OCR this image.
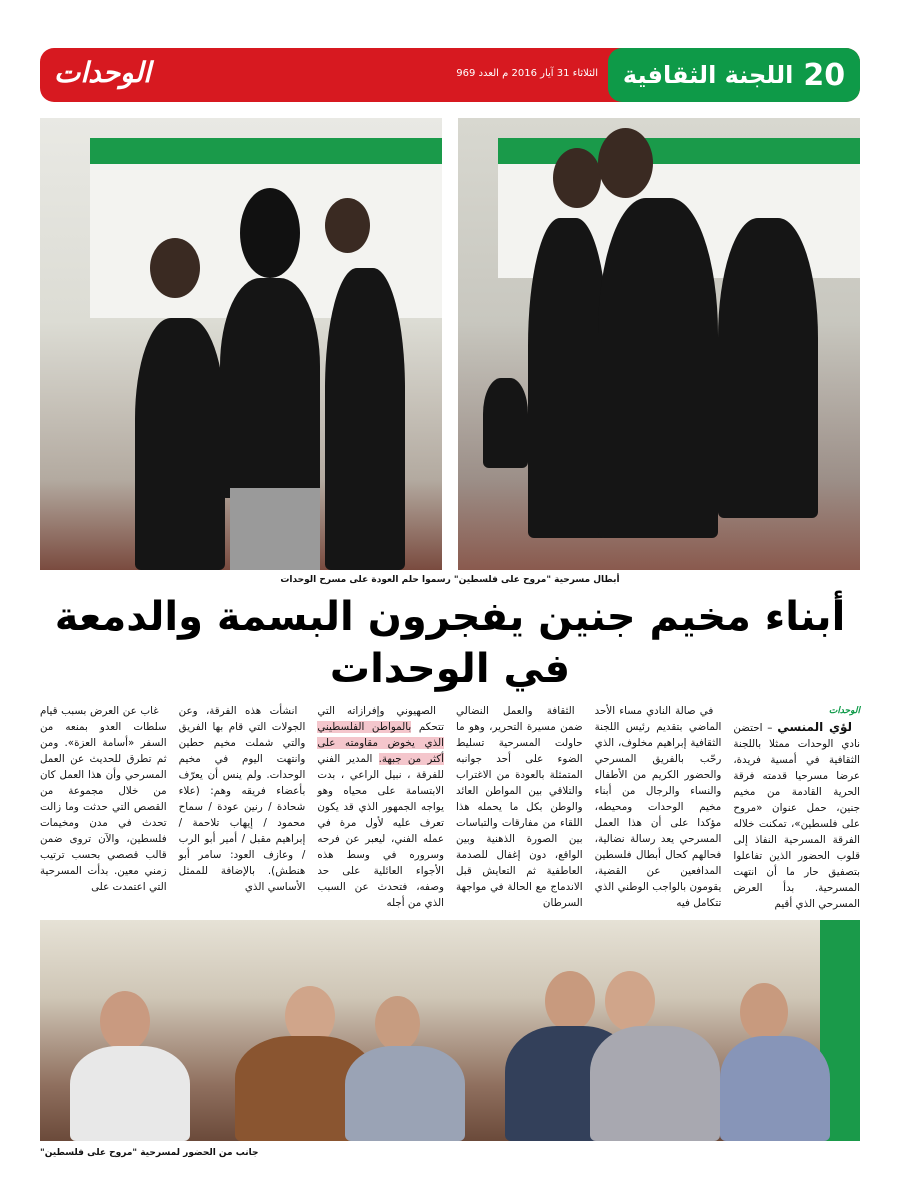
الوحدات	الثلاثاء 31 آيار 2016 م العدد 969	20
اللجنة الثقافية
أبطال مسرحية "مروح على فلسطين" رسموا حلم العودة على مسرح الوحدات
أبناء مخيم جنين يفجرون البسمة والدمعة في الوحدات
الوحدات

لؤي المنسي – احتضن نادي الوحدات ممثلا باللجنة الثقافية في أمسية فريدة، عرضا مسرحيا قدمته فرقة الحرية القادمة من مخيم جنين، حمل عنوان «مروح على فلسطين»، تمكنت خلاله الفرقة المسرحية النفاذ إلى قلوب الحضور الذين تفاعلوا بتصفيق حار ما أن انتهت المسرحية. بدأ العرض المسرحي الذي أقيم

في صالة النادي مساء الأحد الماضي بتقديم رئيس اللجنة الثقافية إبراهيم مخلوف، الذي رحّب بالفريق المسرحي والحضور الكريم من الأطفال والنساء والرجال من أبناء مخيم الوحدات ومحيطه، مؤكدا على أن هذا العمل المسرحي يعد رسالة نضالية، فحالهم كحال أبطال فلسطين المدافعين عن القضية، يقومون بالواجب الوطني الذي تتكامل فيه

الثقافة والعمل النضالي ضمن مسيرة التحرير، وهو ما حاولت المسرحية تسليط الضوء على أحد جوانبه المتمثلة بالعودة من الاغتراب والتلاقي بين المواطن العائد والوطن بكل ما يحمله هذا اللقاء من مفارقات والتباسات بين الصورة الذهنية وبين الواقع، دون إغفال للصدمة العاطفية ثم التعايش قبل الاندماج مع الحالة في مواجهة السرطان

الصهيوني وإفرازاته التي تتحكم بالمواطن الفلسطيني الذي يخوض مقاومته على أكثر من جبهة. المدير الفني للفرقة ، نبيل الراعي ، بدت الابتسامة على محياه وهو يواجه الجمهور الذي قد يكون تعرف عليه لأول مرة في عمله الفني، ليعبر عن فرحه وسروره في وسط هذه الأجواء العائلية على حد وصفه، فتحدث عن السبب الذي من أجله

انشأت هذه الفرقة، وعن الجولات التي قام بها الفريق والتي شملت مخيم حطين وانتهت اليوم في مخيم الوحدات. ولم ينس أن يعرّف بأعضاء فريقه وهم: (علاء شحادة / رنين عودة / سماح محمود / إيهاب تلاحمة / إبراهيم مقبل / أمير أبو الرب / وعازف العود: سامر أبو هنطش). بالإضافة للممثل الأساسي الذي

غاب عن العرض بسبب قيام سلطات العدو بمنعه من السفر «أسامة العزة». ومن ثم تطرق للحديث عن العمل المسرحي وأن هذا العمل كان من خلال مجموعة من القصص التي حدثت وما زالت تحدث في مدن ومخيمات فلسطين، والآن تروى ضمن قالب قصصي بحسب ترتيب زمني معين. بدأت المسرحية التي اعتمدت على

جانب من الحضور لمسرحية "مروح على فلسطين"
